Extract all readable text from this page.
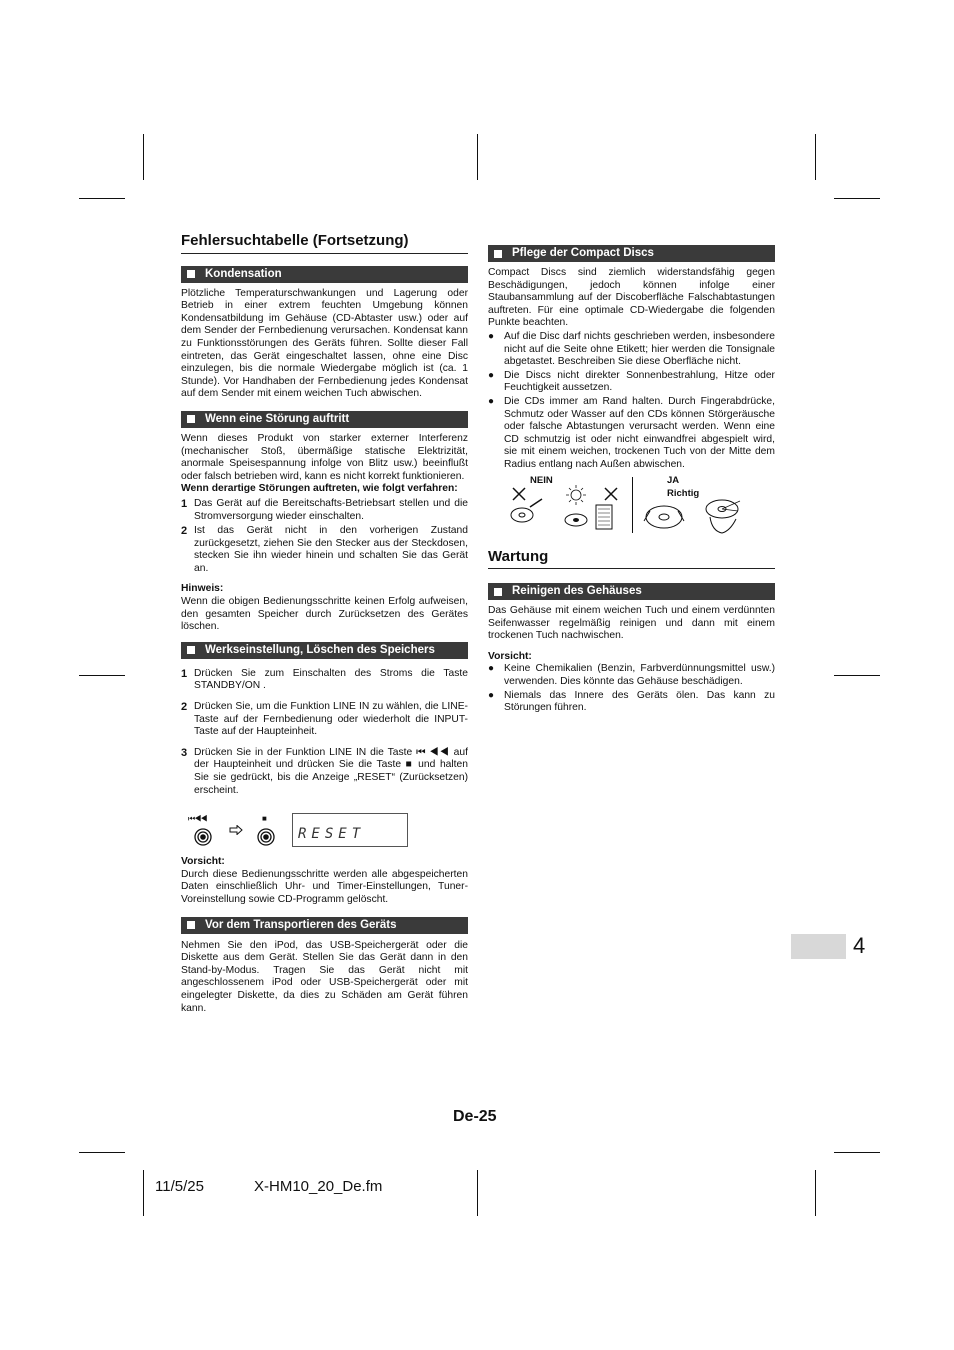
Fehlersuchtabelle (Fortsetzung)
Kondensation

Plötzliche Temperaturschwankungen und Lagerung oder Betrieb in einer extrem feuchten Umgebung können Kondensatbildung im Gehäuse (CD-Abtaster usw.) oder auf dem Sender der Fernbedienung verursachen. Kondensat kann zu Funktionsstörungen des Geräts führen. Sollte dieser Fall eintreten, das Gerät eingeschaltet lassen, ohne eine Disc einzulegen, bis die normale Wiedergabe möglich ist (ca. 1 Stunde). Vor Handhaben der Fernbedienung jedes Kondensat auf dem Sender mit einem weichen Tuch abwischen.

Wenn eine Störung auftritt

Wenn dieses Produkt von starker externer Interferenz (mechanischer Stoß, übermäßige statische Elektrizität, anormale Speisespannung infolge von Blitz usw.) beeinflußt oder falsch betrieben wird, kann es nicht korrekt funktionieren.

Wenn derartige Störungen auftreten, wie folgt verfahren:

1 Das Gerät auf die Bereitschafts-Betriebsart stellen und die Stromversorgung wieder einschalten.
2 Ist das Gerät nicht in den vorherigen Zustand zurückgesetzt, ziehen Sie den Stecker aus der Steckdosen, stecken Sie ihn wieder hinein und schalten Sie das Gerät an.

Hinweis:

Wenn die obigen Bedienungsschritte keinen Erfolg aufweisen, den gesamten Speicher durch Zurücksetzen des Gerätes löschen.

Werkseinstellung, Löschen des Speichers
1 Drücken Sie zum Einschalten des Stroms die Taste STANDBY/ON .
2 Drücken Sie, um die Funktion LINE IN zu wählen, die LINE-Taste auf der Fernbedienung oder wiederholt die INPUT-Taste auf der Haupteinheit.
3 Drücken Sie in der Funktion LINE IN die Taste ⏮ ◀◀ auf der Haupteinheit und drücken Sie die Taste ■ und halten Sie sie gedrückt, bis die Anzeige „RESET“ (Zurücksetzen) erscheint.
⏮◀◀	■
RESET

Vorsicht:

Durch diese Bedienungsschritte werden alle abgespeicherten Daten einschließlich Uhr- und Timer-Einstellungen, Tuner-Voreinstellung sowie CD-Programm gelöscht.

Vor dem Transportieren des Geräts

Nehmen Sie den iPod, das USB-Speichergerät oder die Diskette aus dem Gerät. Stellen Sie das Gerät dann in den Stand-by-Modus. Tragen Sie das Gerät nicht mit angeschlossenem iPod oder USB-Speichergerät oder mit eingelegter Diskette, da dies zu Schäden am Gerät führen kann.

Pflege der Compact Discs

Compact Discs sind ziemlich widerstandsfähig gegen Beschädigungen, jedoch können infolge einer Staubansammlung auf der Discoberfläche Falschabtastungen auftreten. Für eine optimale CD-Wiedergabe die folgenden Punkte beachten.

● Auf die Disc darf nichts geschrieben werden, insbesondere nicht auf die Seite ohne Etikett; hier werden die Tonsignale abgetastet. Beschreiben Sie diese Oberfläche nicht.
● Die Discs nicht direkter Sonnenbestrahlung, Hitze oder Feuchtigkeit aussetzen.
● Die CDs immer am Rand halten. Durch Fingerabdrücke, Schmutz oder Wasser auf den CDs können Störgeräusche oder falsche Abtastungen verursacht werden. Wenn eine CD schmutzig ist oder nicht einwandfrei abgespielt wird, sie mit einem weichen, trockenen Tuch von der Mitte dem Radius entlang nach Außen abwischen.
NEIN	JA
Richtig
Wartung
Reinigen des Gehäuses

Das Gehäuse mit einem weichen Tuch und einem verdünnten Seifenwasser regelmäßig reinigen und dann mit einem trockenen Tuch nachwischen.

Vorsicht:

● Keine Chemikalien (Benzin, Farbverdünnungsmittel usw.) verwenden. Dies könnte das Gehäuse beschädigen.
● Niemals das Innere des Geräts ölen. Das kann zu Störungen führen.
4
De-25
11/5/25	X-HM10_20_De.fm
